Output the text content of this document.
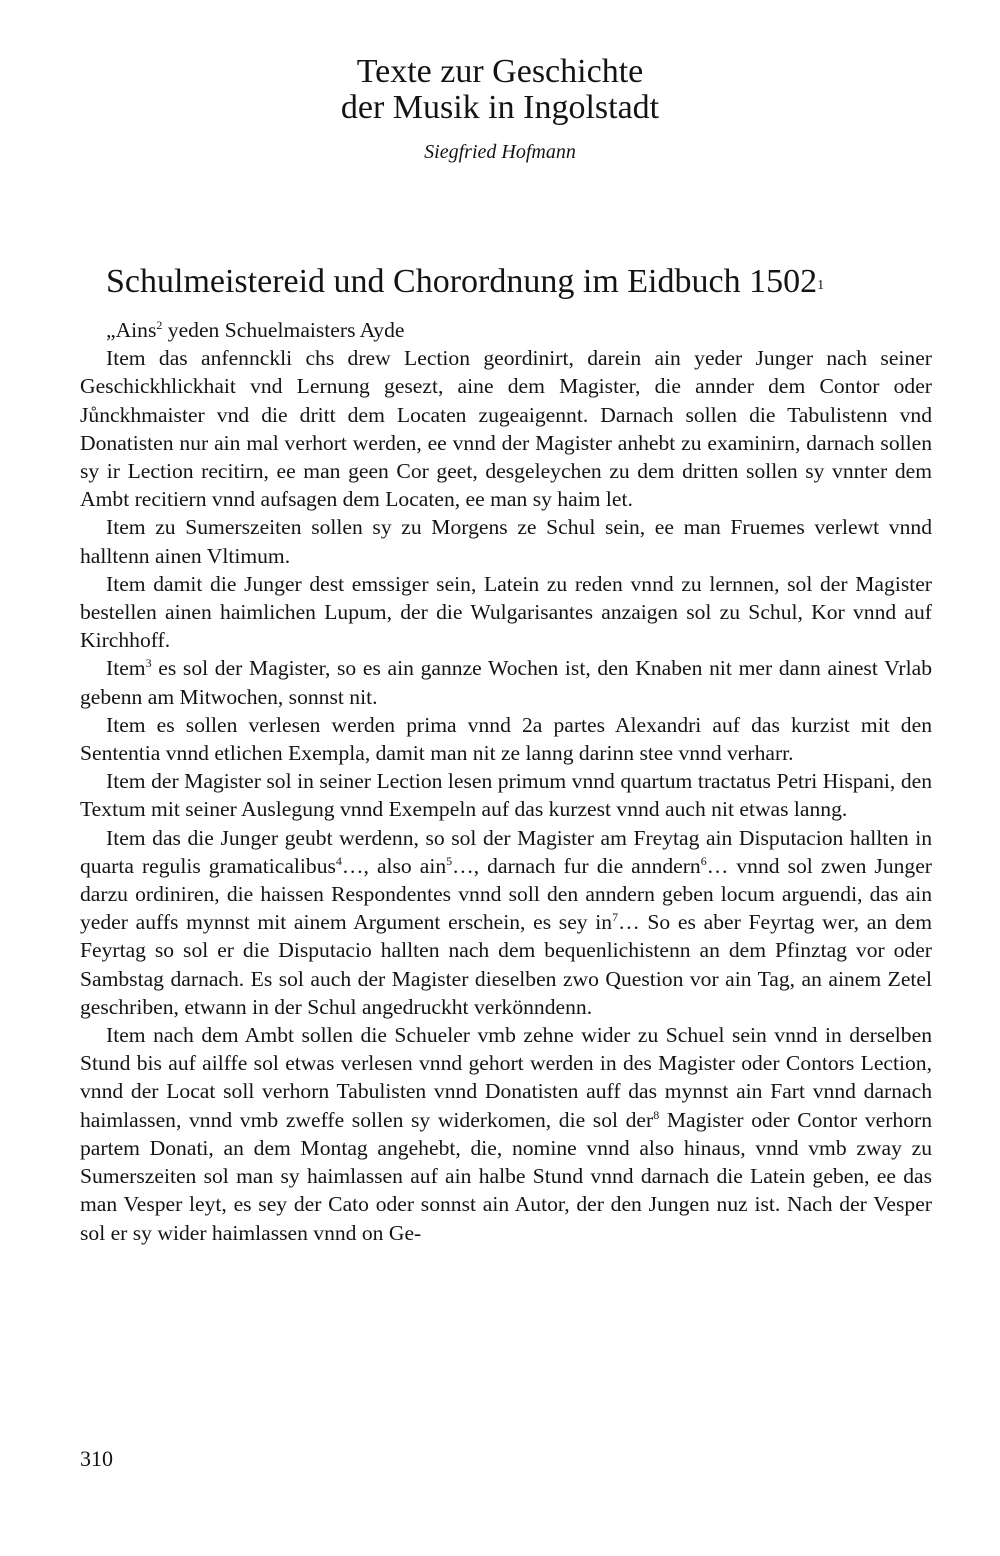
Texte zur Geschichte
der Musik in Ingolstadt
Siegfried Hofmann
Schulmeistereid und Chorordnung im Eidbuch 1502$^1$

„Ains$^2$ yeden Schuelmaisters Ayde

Item das anfennckli chs drew Lection geordinirt, darein ain yeder Junger nach seiner Geschickhlickhait vnd Lernung gesezt, aine dem Magister, die annder dem Contor oder Jůnckhmaister vnd die dritt dem Locaten zugeaigennt. Darnach sollen die Tabulistenn vnd Donatisten nur ain mal verhort werden, ee vnnd der Magister anhebt zu examinirn, darnach sollen sy ir Lection recitirn, ee man geen Cor geet, desgeleychen zu dem dritten sollen sy vnnter dem Ambt recitiern vnnd aufsagen dem Locaten, ee man sy haim let.

Item zu Sumerszeiten sollen sy zu Morgens ze Schul sein, ee man Fruemes verlewt vnnd halltenn ainen Vltimum.

Item damit die Junger dest emssiger sein, Latein zu reden vnnd zu lernnen, sol der Magister bestellen ainen haimlichen Lupum, der die Wulgarisantes anzaigen sol zu Schul, Kor vnnd auf Kirchhoff.

Item$^3$ es sol der Magister, so es ain gannze Wochen ist, den Knaben nit mer dann ainest Vrlab gebenn am Mitwochen, sonnst nit.

Item es sollen verlesen werden prima vnnd 2a partes Alexandri auf das kurzist mit den Sententia vnnd etlichen Exempla, damit man nit ze lanng darinn stee vnnd verharr.

Item der Magister sol in seiner Lection lesen primum vnnd quartum tractatus Petri Hispani, den Textum mit seiner Auslegung vnnd Exempeln auf das kurzest vnnd auch nit etwas lanng.

Item das die Junger geubt werdenn, so sol der Magister am Freytag ain Disputacion hallten in quarta regulis gramaticalibus$^4$…, also ain$^5$…, darnach fur die anndern$^6$… vnnd sol zwen Junger darzu ordiniren, die haissen Respondentes vnnd soll den anndern geben locum arguendi, das ain yeder auffs mynnst mit ainem Argument erschein, es sey $in^7\dots$ So es aber Feyrtag wer, an dem Feyrtag so sol er die Disputacio hallten nach dem bequenlichistenn an dem Pfinztag vor oder Sambstag darnach. Es sol auch der Magister dieselben zwo Question vor ain Tag, an ainem Zetel geschriben, etwann in der Schul angedruckht verkönndenn.

Item nach dem Ambt sollen die Schueler vmb zehne wider zu Schuel sein vnnd in derselben Stund bis auf ailffe sol etwas verlesen vnnd gehort werden in des Magister oder Contors Lection, vnnd der Locat soll verhorn Tabulisten vnnd Donatisten auff das mynnst ain Fart vnnd darnach haimlassen, vnnd vmb zweffe sollen sy widerkomen, die sol der$^8$ Magister oder Contor verhorn partem Donati, an dem Montag angehebt, die, nomine vnnd also hinaus, vnnd vmb zway zu Sumerszeiten sol man sy haimlassen auf ain halbe Stund vnnd darnach die Latein geben, ee das man Vesper leyt, es sey der Cato oder sonnst ain Autor, der den Jungen nuz ist. Nach der Vesper sol er sy wider haimlassen vnnd on Ge-

310
